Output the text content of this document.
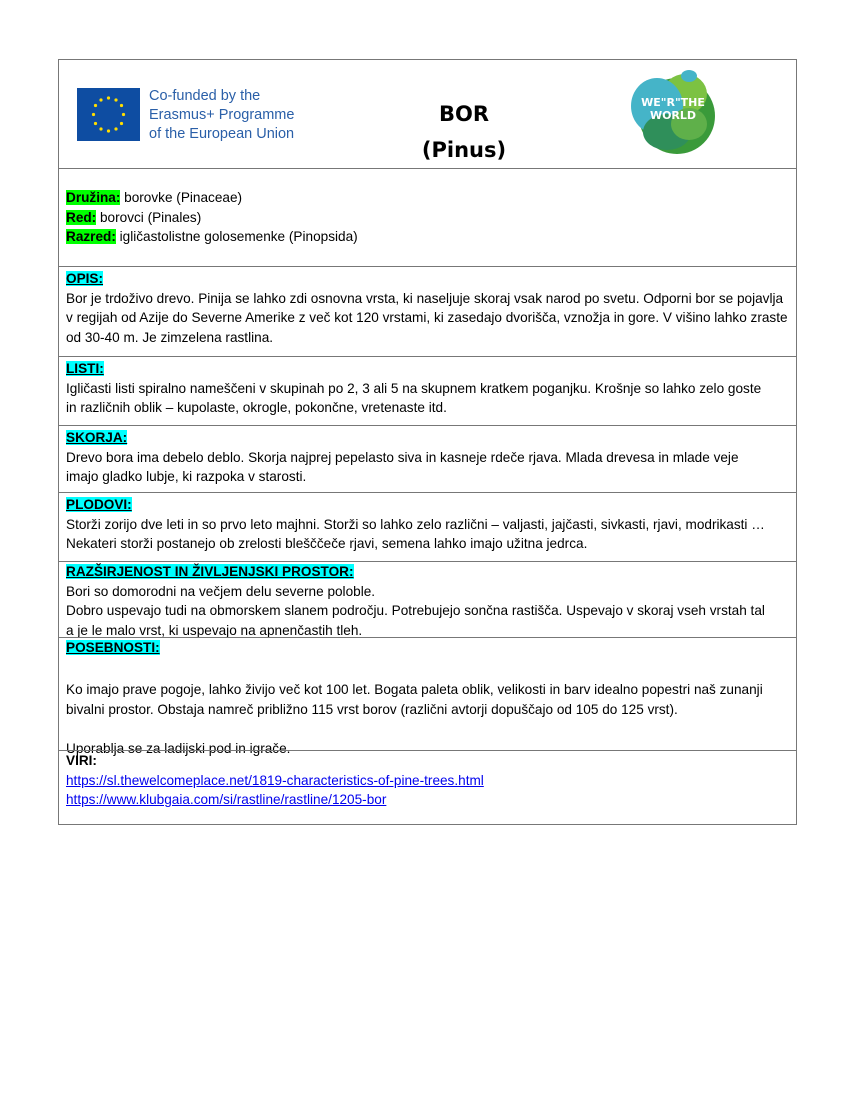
Co-funded by the
Erasmus+ Programme
of the European Union
BOR
(Pinus)
WE"R"THE
WORLD
Družina: borovke (Pinaceae)
Red: borovci (Pinales)
Razred: igličastolistne golosemenke (Pinopsida)
OPIS:
Bor je trdoživo drevo. Pinija se lahko zdi osnovna vrsta, ki naseljuje skoraj vsak narod po svetu. Odporni bor se pojavlja
v regijah od Azije do Severne Amerike z več kot 120 vrstami, ki zasedajo dvorišča, vznožja in gore. V višino lahko zraste
od 30-40 m. Je zimzelena rastlina.
LISTI:
Igličasti listi spiralno nameščeni v skupinah po 2, 3 ali 5 na skupnem kratkem poganjku. Krošnje so lahko zelo goste
in različnih oblik – kupolaste, okrogle, pokončne, vretenaste itd.
SKORJA:
Drevo bora ima debelo deblo. Skorja najprej pepelasto siva in kasneje rdeče rjava. Mlada drevesa in mlade veje
imajo gladko lubje, ki razpoka v starosti.
PLODOVI:
Storži zorijo dve leti in so prvo leto majhni. Storži so lahko zelo različni – valjasti, jajčasti, sivkasti, rjavi, modrikasti …
Nekateri storži postanejo ob zrelosti blešččeče rjavi, semena lahko imajo užitna jedrca.
RAZŠIRJENOST IN ŽIVLJENJSKI PROSTOR:
Bori so domorodni na večjem delu severne poloble.
Dobro uspevajo tudi na obmorskem slanem področju. Potrebujejo sončna rastišča. Uspevajo v skoraj vseh vrstah tal
a je le malo vrst, ki uspevajo na apnenčastih tleh.
POSEBNOSTI:

Ko imajo prave pogoje, lahko živijo več kot 100 let. Bogata paleta oblik, velikosti in barv idealno popestri naš zunanji
bivalni prostor. Obstaja namreč približno 115 vrst borov (različni avtorji dopuščajo od 105 do 125 vrst).

Uporablja se za ladijski pod in igrače.
VIRI:
https://sl.thewelcomeplace.net/1819-characteristics-of-pine-trees.html
https://www.klubgaia.com/si/rastline/rastline/1205-bor
